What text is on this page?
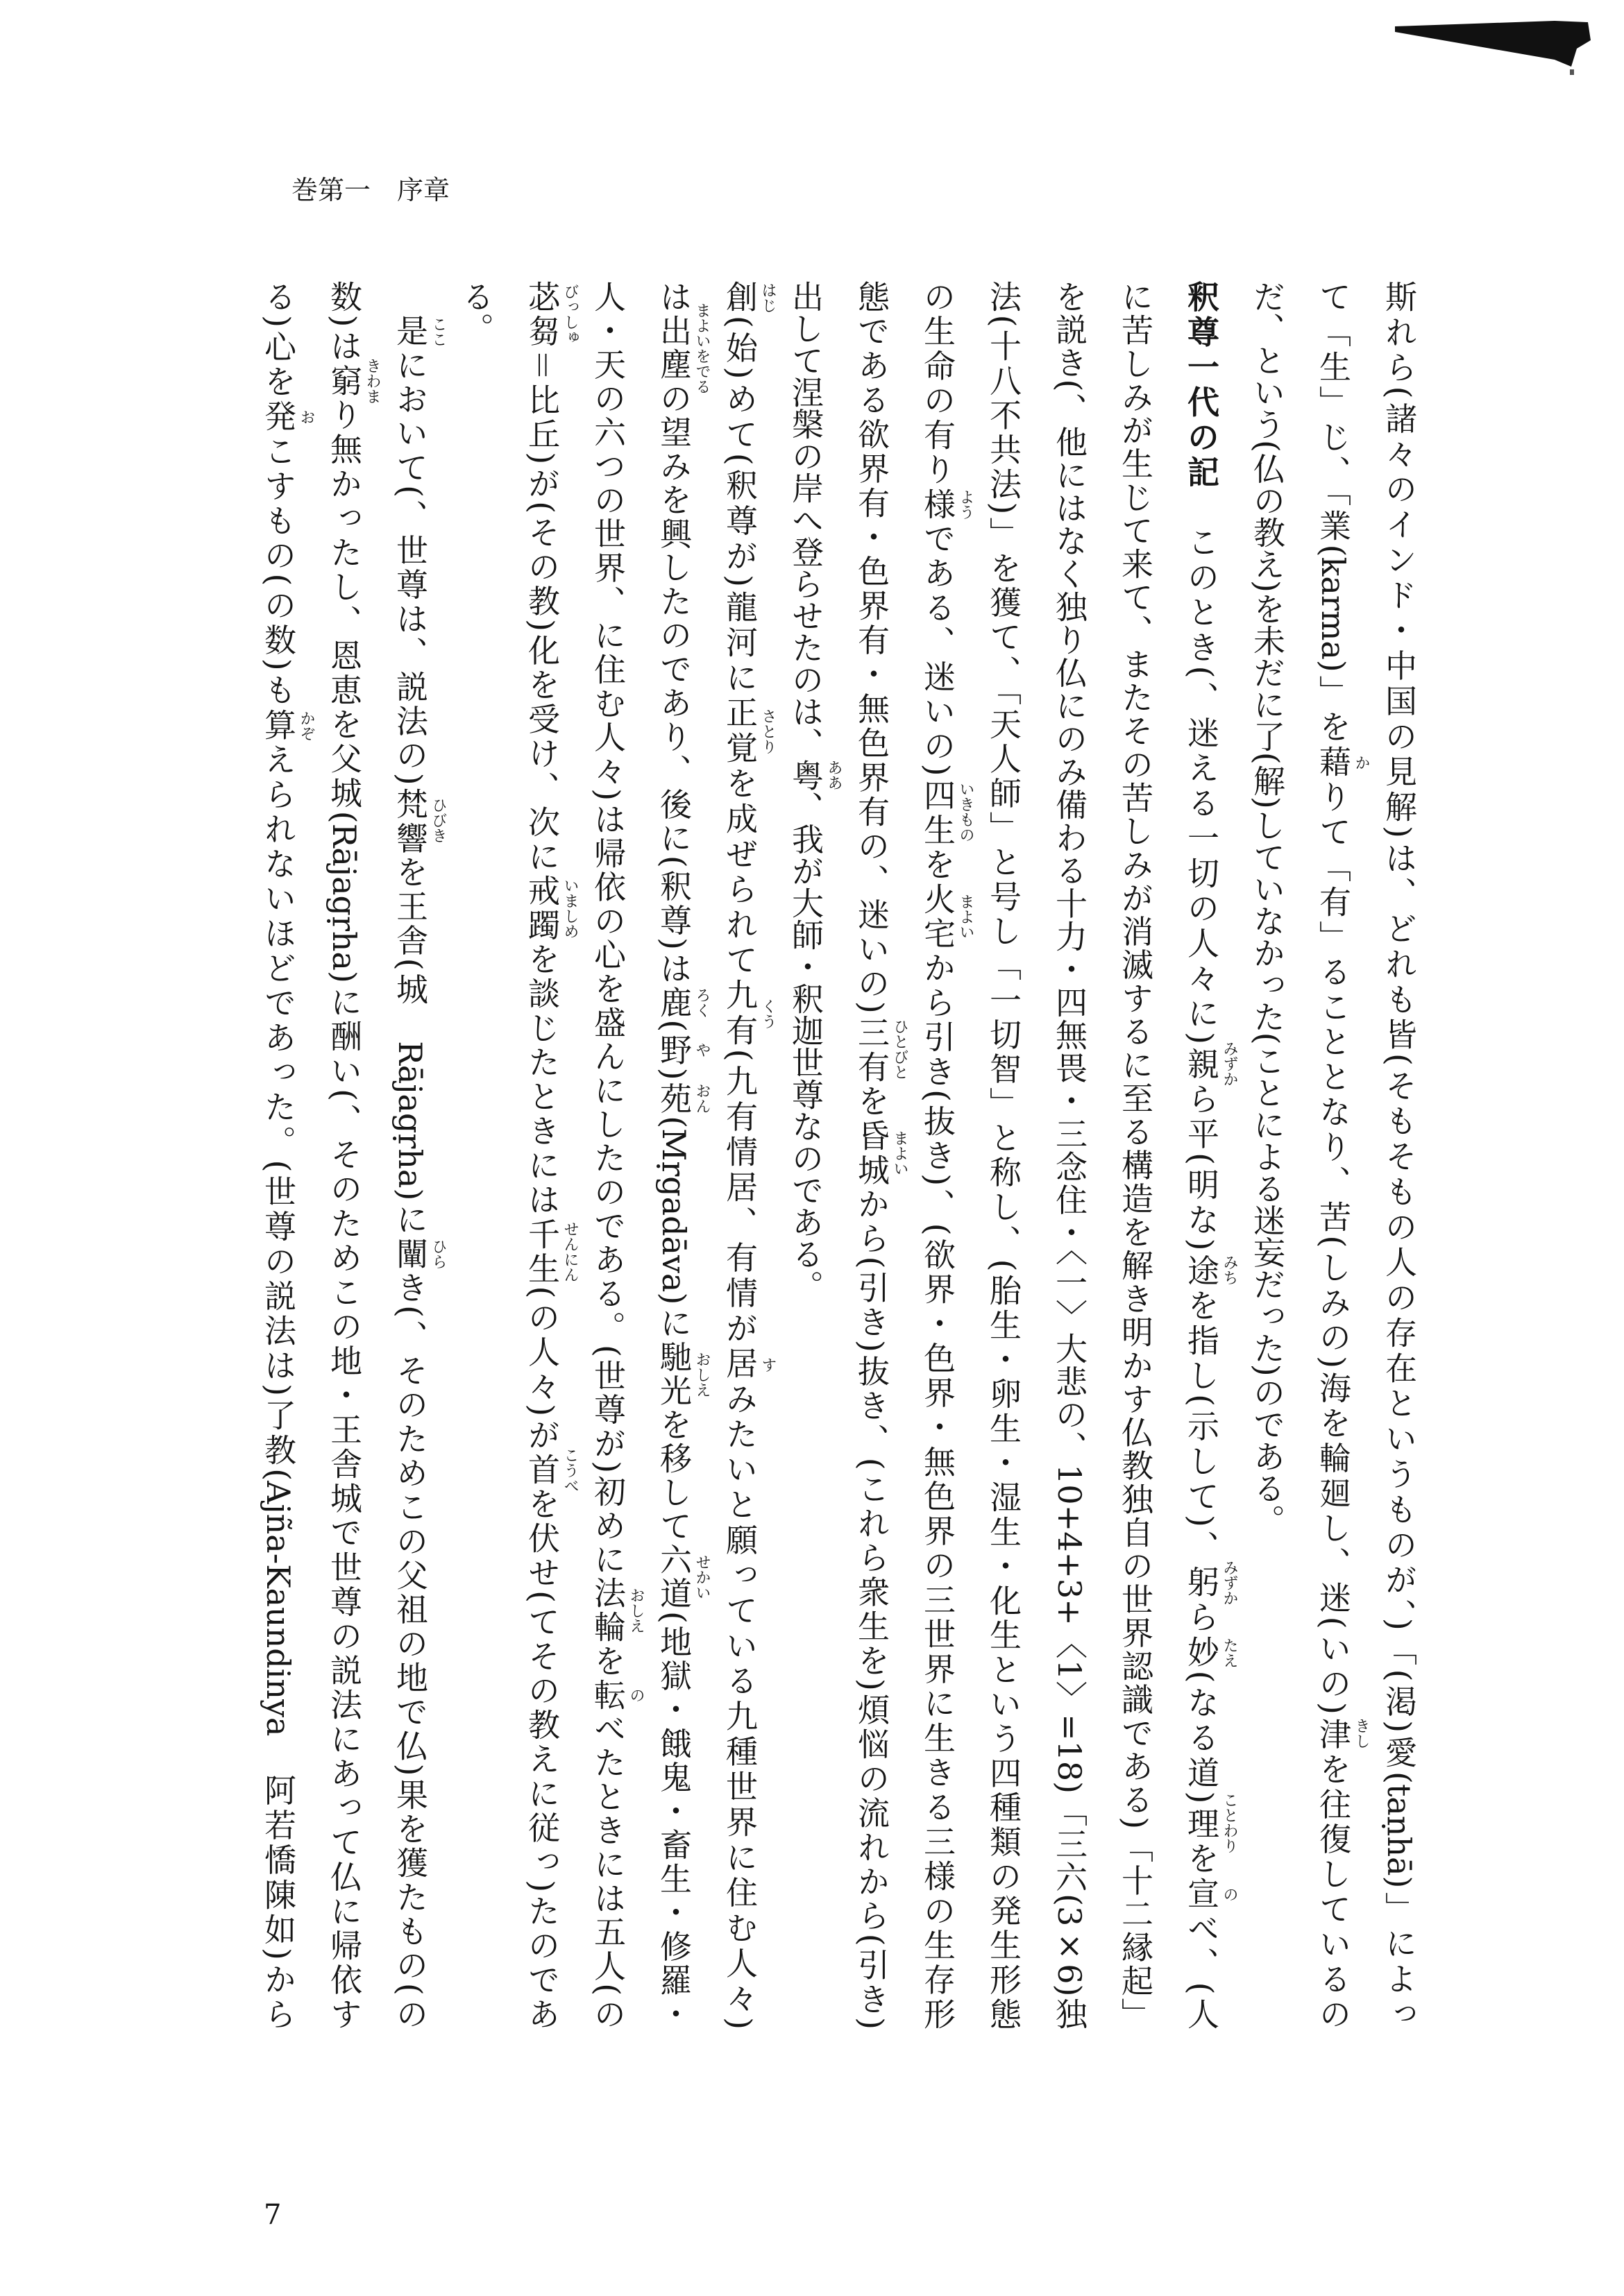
巻第一　序章
斯れら(諸々のインド・中国の見解)は、どれも皆(そもそもの人の存在というものが、)「(渇)愛(taṇhā)」によっ
て「生」じ、「業(karma)」を藉 か
りて「有」ることとなり、苦(しみの)海を輪廻し、迷(いの)津 きし
を往復しているの
だ、という(仏の教え)を未だに了(解)していなかった(ことによる迷妄だった)のである。
釈尊一代の記　このとき(、迷える一切の人々に)親 みずか
ら平(明な)途 みち
を指し(示して)、躬 みずか
ら妙 たえ
(なる道)理 ことわり
を宣 の
べ、(人
に苦しみが生じて来て、またその苦しみが消滅するに至る構造を解き明かす仏教独自の世界認識である)「十二縁起」
を説き(、他にはなく独り仏にのみ備わる十力・四無畏・三念住・〈一〉大悲の、10+4+3+〈1〉=18)「三六(3×6)独
法(十八不共法)」を獲て、「天人師」と号し「一切智」と称し、(胎生・卵生・湿生・化生という四種類の発生形態
の生命の有り様 よう
である、迷いの)四生 いきもの
を火宅 まよい
から引き(抜き)、(欲界・色界・無色界の三世界に生きる三様の生存形
態である欲界有・色界有・無色界有の、迷いの)三有 ひとびと
を昏城 まよい
から(引き)抜き、(これら衆生を)煩悩の流れから(引き)
出して涅槃の岸へ登らせたのは、粤 ああ
、我が大師・釈迦世尊なのである。
創 はじ
(始)めて(釈尊が)龍河に正覚 さとり
を成ぜられて九有 くう
(九有情居、有情が居 す
みたいと願っている九種世界に住む人々)
は出塵 まよいをでる
の望みを興したのであり、後に(釈尊)は鹿 ろく
(野 や
)苑 おん
(Mṛgadāva)に馳光 おしえ
を移して六道 せかい
(地獄・餓鬼・畜生・修羅・
人・天の六つの世界、に住む人々)は帰依の心を盛んにしたのである。(世尊が)初めに法輪 おしえ
を転 の
べたときには五人(の
苾芻 びっしゅ
＝比丘)が(その教)化を受け、次に戒躅 いましめ
を談じたときには千生 せんにん
(の人々)が首 こうべ
を伏せ(てその教えに従っ)たのであ
る。
　是 ここ
において(、世尊は、説法の)梵響 ひびき
を王舎(城　Rājagṛha)に闡 ひら
き(、そのためこの父祖の地で仏)果を獲たもの(の
数)は窮 きわま
り無かったし、恩恵を父城(Rājagṛha)に酬い(、そのためこの地・王舎城で世尊の説法にあって仏に帰依す
る)心を発 お
こすもの(の数)も算 かぞ
えられないほどであった。(世尊の説法は)了教(Ajña-Kaundinya　阿若憍陳如)から
7
